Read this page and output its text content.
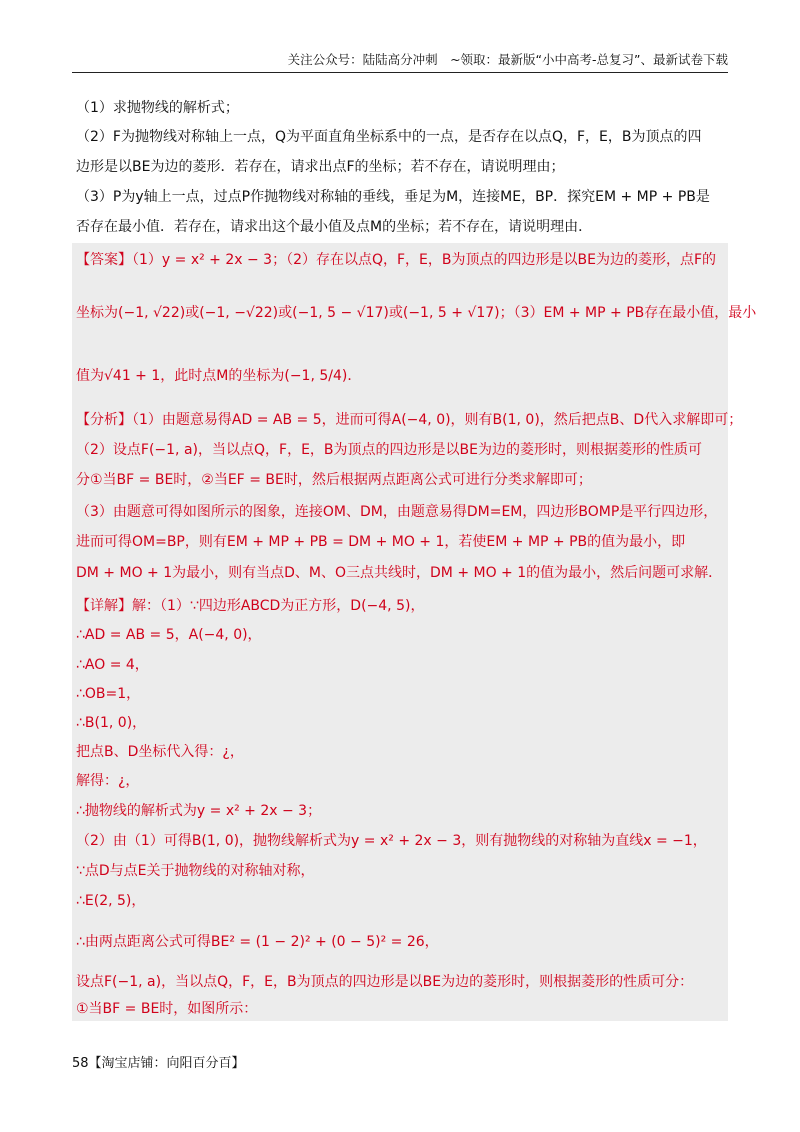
关注公众号：陆陆高分冲刺　~领取：最新版“小中高考-总复习”、最新试卷下载
（1）求抛物线的解析式；
（2）F为抛物线对称轴上一点，Q为平面直角坐标系中的一点，是否存在以点Q，F，E，B为顶点的四
边形是以BE为边的菱形．若存在，请求出点F的坐标；若不存在，请说明理由；
（3）P为y轴上一点，过点P作抛物线对称轴的垂线，垂足为M，连接ME，BP．探究EM + MP + PB是
否存在最小值．若存在，请求出这个最小值及点M的坐标；若不存在，请说明理由．
【答案】（1）y = x² + 2x − 3；（2）存在以点Q，F，E，B为顶点的四边形是以BE为边的菱形，点F的
坐标为(−1, √22)或(−1, −√22)或(−1, 5 − √17)或(−1, 5 + √17)；（3）EM + MP + PB存在最小值，最小
值为√41 + 1，此时点M的坐标为(−1, 5/4)．
【分析】（1）由题意易得AD = AB = 5，进而可得A(−4, 0)，则有B(1, 0)，然后把点B、D代入求解即可；
（2）设点F(−1, a)，当以点Q，F，E，B为顶点的四边形是以BE为边的菱形时，则根据菱形的性质可
分①当BF = BE时，②当EF = BE时，然后根据两点距离公式可进行分类求解即可；
（3）由题意可得如图所示的图象，连接OM、DM，由题意易得DM=EM，四边形BOMP是平行四边形，
进而可得OM=BP，则有EM + MP + PB = DM + MO + 1，若使EM + MP + PB的值为最小，即
DM + MO + 1为最小，则有当点D、M、O三点共线时，DM + MO + 1的值为最小，然后问题可求解．
【详解】解：（1）∵四边形ABCD为正方形，D(−4, 5)，
∴AD = AB = 5，A(−4, 0)，
∴AO = 4，
∴OB=1，
∴B(1, 0)，
把点B、D坐标代入得：¿，
解得：¿，
∴抛物线的解析式为y = x² + 2x − 3；
（2）由（1）可得B(1, 0)，抛物线解析式为y = x² + 2x − 3，则有抛物线的对称轴为直线x = −1，
∵点D与点E关于抛物线的对称轴对称，
∴E(2, 5)，
∴由两点距离公式可得BE² = (1 − 2)² + (0 − 5)² = 26，
设点F(−1, a)，当以点Q，F，E，B为顶点的四边形是以BE为边的菱形时，则根据菱形的性质可分：
①当BF = BE时，如图所示：
58【淘宝店铺：向阳百分百】
